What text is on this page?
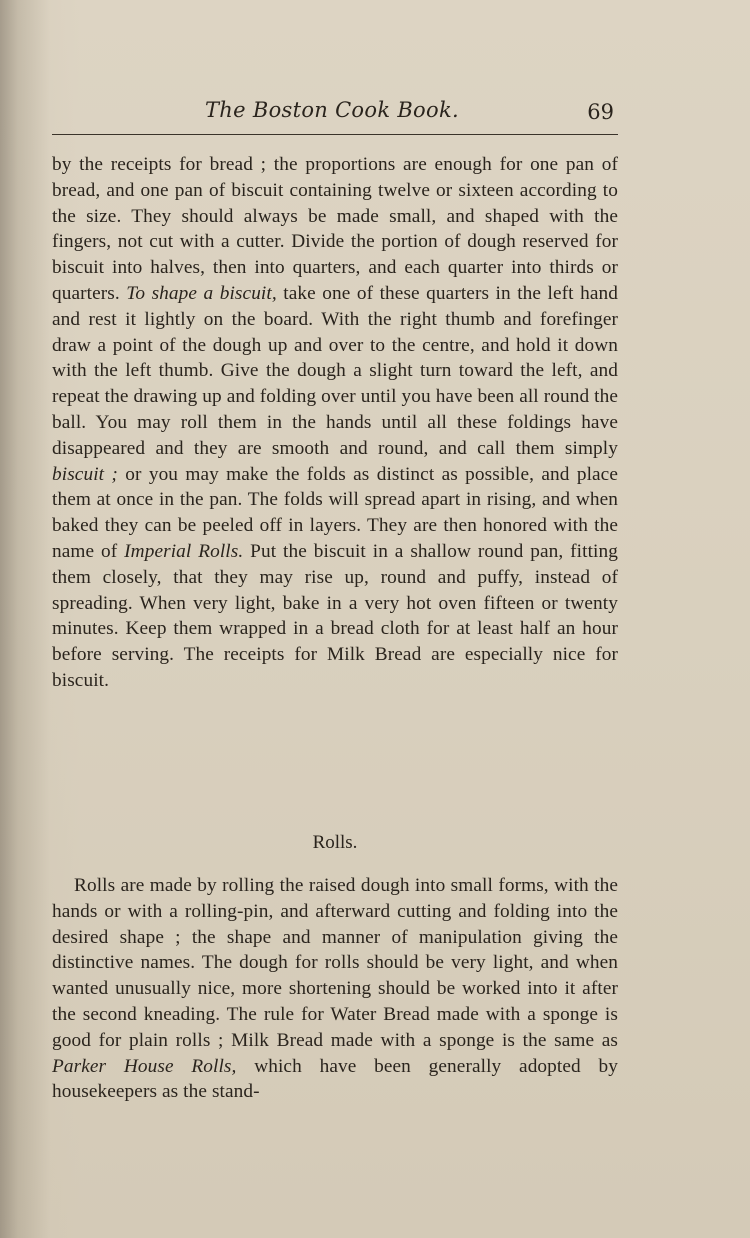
The Boston Cook Book.	69
by the receipts for bread ; the proportions are enough for one pan of bread, and one pan of biscuit containing twelve or sixteen according to the size. They should always be made small, and shaped with the fingers, not cut with a cutter. Divide the portion of dough reserved for biscuit into halves, then into quarters, and each quarter into thirds or quarters. To shape a biscuit, take one of these quarters in the left hand and rest it lightly on the board. With the right thumb and forefinger draw a point of the dough up and over to the centre, and hold it down with the left thumb. Give the dough a slight turn toward the left, and repeat the drawing up and folding over until you have been all round the ball. You may roll them in the hands until all these foldings have disappeared and they are smooth and round, and call them simply biscuit ; or you may make the folds as distinct as possible, and place them at once in the pan. The folds will spread apart in rising, and when baked they can be peeled off in layers. They are then honored with the name of Imperial Rolls. Put the biscuit in a shallow round pan, fitting them closely, that they may rise up, round and puffy, instead of spreading. When very light, bake in a very hot oven fifteen or twenty minutes. Keep them wrapped in a bread cloth for at least half an hour before serving. The receipts for Milk Bread are especially nice for biscuit.
Rolls.
Rolls are made by rolling the raised dough into small forms, with the hands or with a rolling-pin, and afterward cutting and folding into the desired shape ; the shape and manner of manipulation giving the distinctive names. The dough for rolls should be very light, and when wanted unusually nice, more shortening should be worked into it after the second kneading. The rule for Water Bread made with a sponge is good for plain rolls ; Milk Bread made with a sponge is the same as Parker House Rolls, which have been generally adopted by housekeepers as the stand-
